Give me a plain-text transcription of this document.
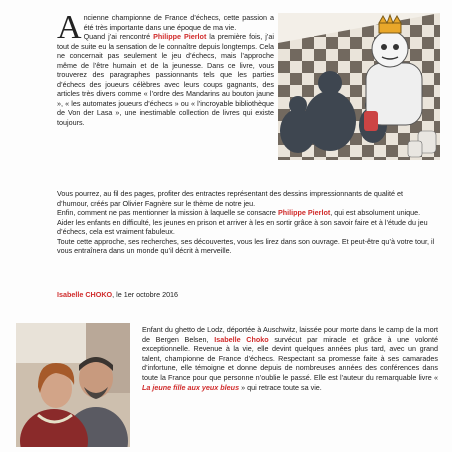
Ancienne championne de France d’échecs, cette passion a été très importante dans une époque de ma vie.
Quand j’ai rencontré Philippe Pierlot la première fois, j’ai tout de suite eu la sensation de le connaître depuis longtemps. Cela ne concernait pas seulement le jeu d’échecs, mais l’approche même de l’être humain et de la jeunesse. Dans ce livre, vous trouverez des paragraphes passionnants tels que les parties d’échecs des joueurs célèbres avec leurs coups gagnants, des articles très divers comme « l’ordre des Mandarins au bouton jaune », « les automates joueurs d’échecs » ou « l’incroyable bibliothèque de Von der Lasa », une inestimable collection de livres qui existe toujours.
Vous pourrez, au fil des pages, profiter des entractes représentant des dessins impressionnants de qualité et d’humour, créés par Olivier Fagnère sur le thème de notre jeu.
Enfin, comment ne pas mentionner la mission à laquelle se consacre Philippe Pierlot, qui est absolument unique. Aider les enfants en difficulté, les jeunes en prison et arriver à les en sortir grâce à son savoir faire et à l’étude du jeu d’échecs, cela est vraiment fabuleux.
Toute cette approche, ses recherches, ses découvertes, vous les lirez dans son ouvrage. Et peut-être qu’à votre tour, il vous entraînera dans un monde qu’il décrit à merveille.
Isabelle CHOKO, le 1er octobre 2016
Enfant du ghetto de Lodz, déportée à Auschwitz, laissée pour morte dans le camp de la mort de Bergen Belsen, Isabelle Choko survécut par miracle et grâce à une volonté exceptionnelle. Revenue à la vie, elle devint quelques années plus tard, avec un grand talent, championne de France d’échecs. Respectant sa promesse faite à ses camarades d’infortune, elle témoigne et donne depuis de nombreuses années des conférences dans toute la France pour que personne n’oublie le passé. Elle est l’auteur du remarquable livre « La jeune fille aux yeux bleus » qui retrace toute sa vie.
